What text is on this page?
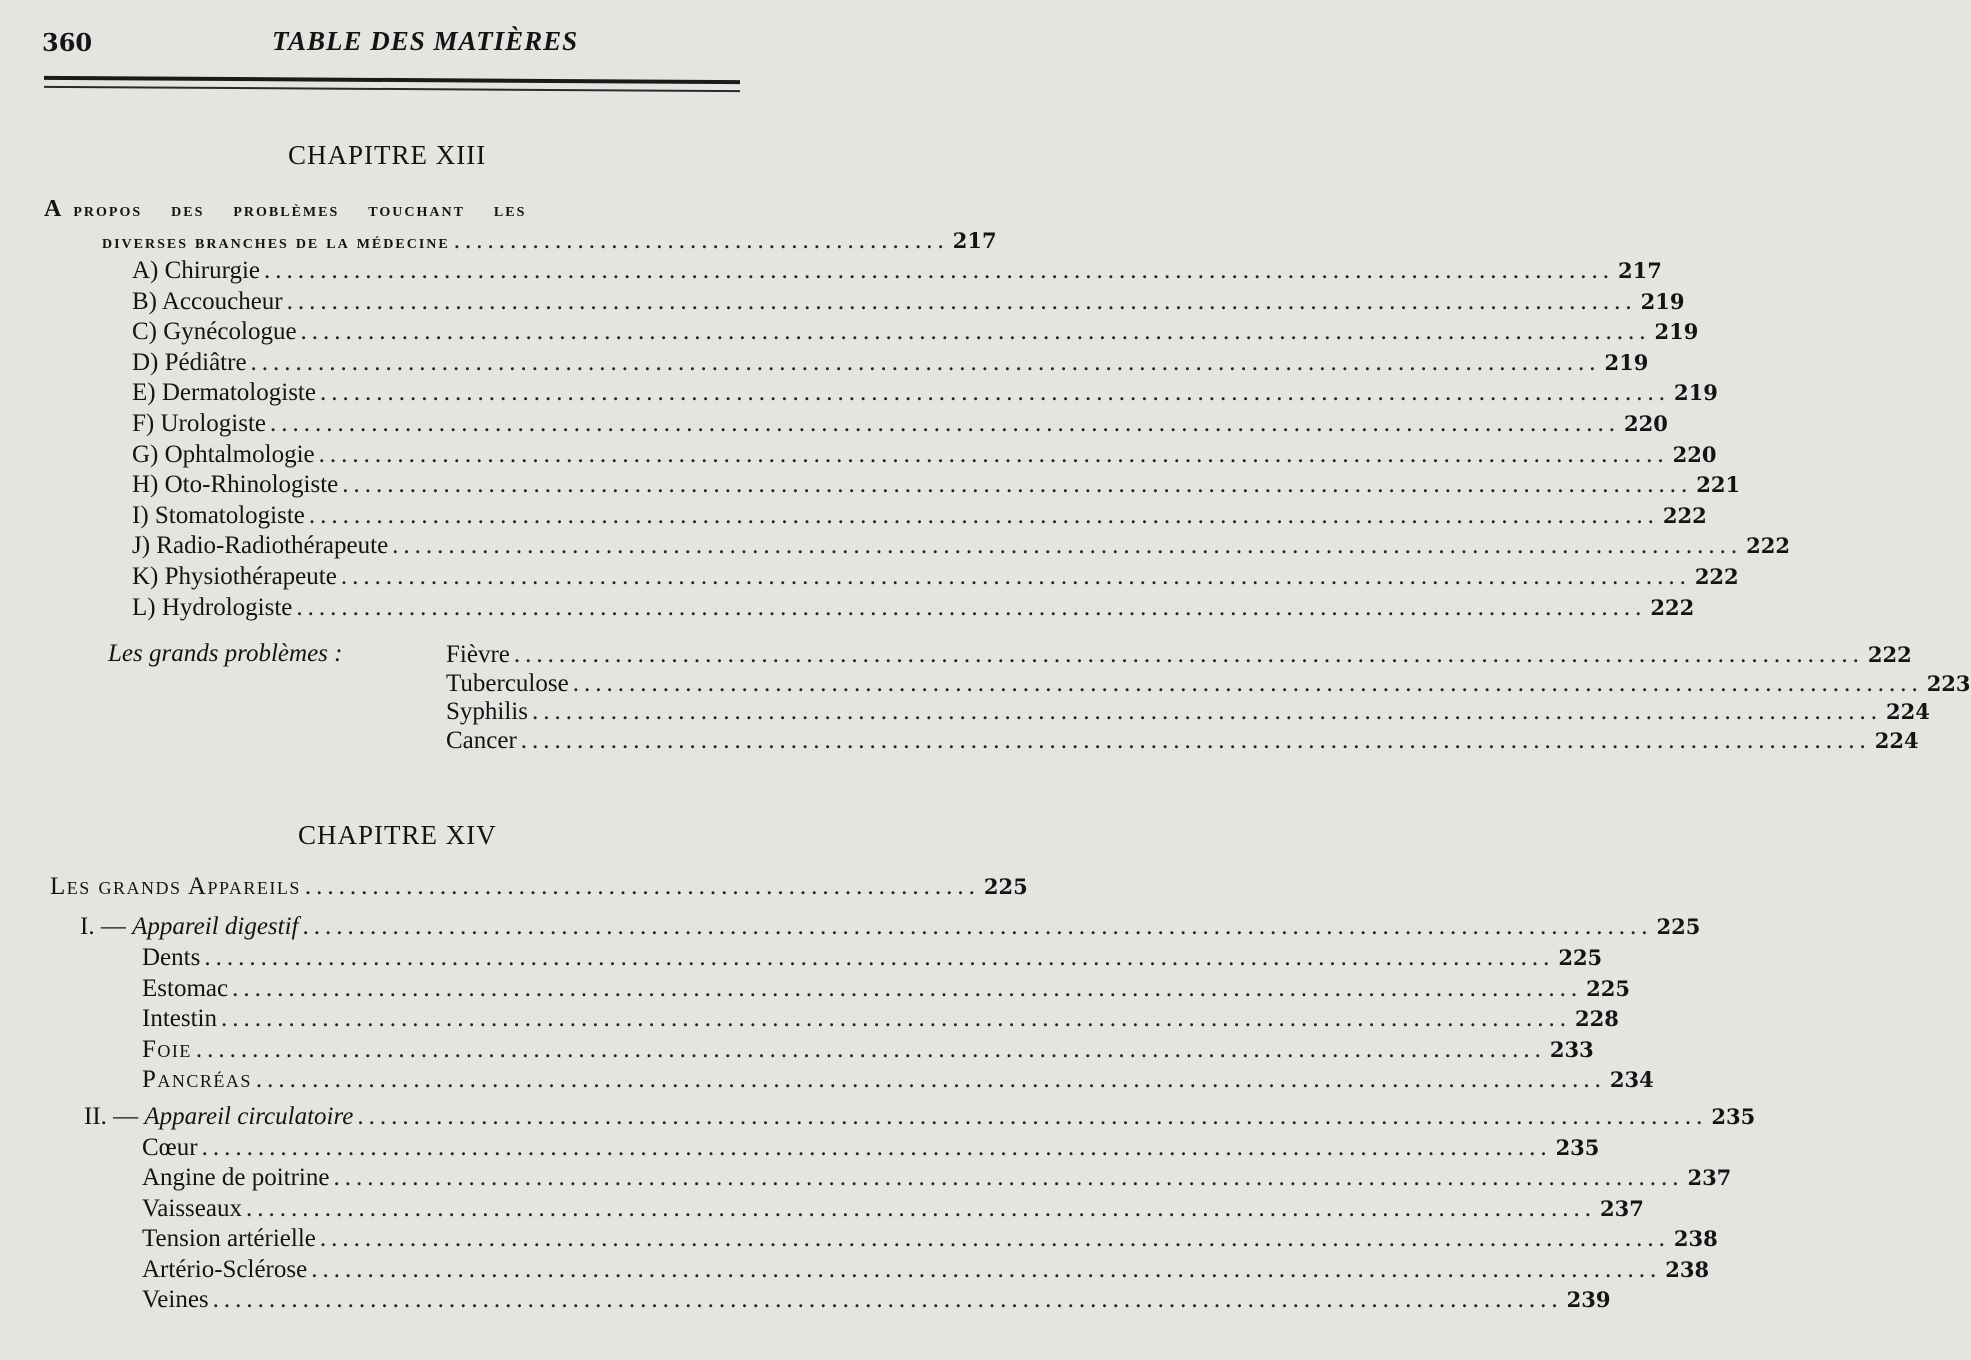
360	TABLE DES MATIÈRES
CHAPITRE XIII
A propos des problèmes touchant les
diverses branches de la médecine ............................................ 217
A) Chirurgie ........................................................................................................................ 217
B) Accoucheur ........................................................................................................................ 219
C) Gynécologue ........................................................................................................................ 219
D) Pédiâtre ........................................................................................................................ 219
E) Dermatologiste ........................................................................................................................ 219
F) Urologiste ........................................................................................................................ 220
G) Ophtalmologie ........................................................................................................................ 220
H) Oto-Rhinologiste ........................................................................................................................ 221
I) Stomatologiste ........................................................................................................................ 222
J) Radio-Radiothérapeute ........................................................................................................................ 222
K) Physiothérapeute ........................................................................................................................ 222
L) Hydrologiste ........................................................................................................................ 222
Les grands problèmes :	Fièvre ........................................................................................................................ 222
Tuberculose ........................................................................................................................ 223
Syphilis ........................................................................................................................ 224
Cancer ........................................................................................................................ 224
CHAPITRE XIV
Les grands Appareils ............................................................ 225
I. — Appareil digestif ........................................................................................................................ 225
Dents ........................................................................................................................ 225
Estomac ........................................................................................................................ 225
Intestin ........................................................................................................................ 228
Foie ........................................................................................................................ 233
Pancréas ........................................................................................................................ 234
II. — Appareil circulatoire ........................................................................................................................ 235
Cœur ........................................................................................................................ 235
Angine de poitrine ........................................................................................................................ 237
Vaisseaux ........................................................................................................................ 237
Tension artérielle ........................................................................................................................ 238
Artério-Sclérose ........................................................................................................................ 238
Veines ........................................................................................................................ 239
